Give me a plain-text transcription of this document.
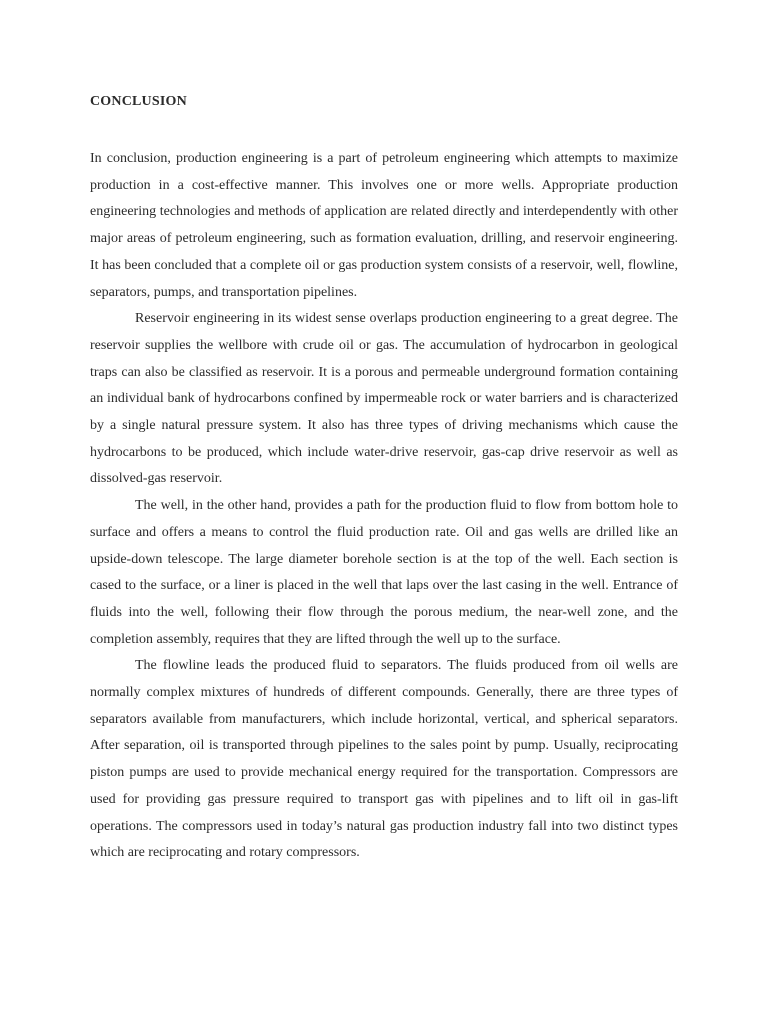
CONCLUSION

In conclusion, production engineering is a part of petroleum engineering which attempts to maximize production in a cost-effective manner. This involves one or more wells. Appropriate production engineering technologies and methods of application are related directly and interdependently with other major areas of petroleum engineering, such as formation evaluation, drilling, and reservoir engineering. It has been concluded that a complete oil or gas production system consists of a reservoir, well, flowline, separators, pumps, and transportation pipelines.

Reservoir engineering in its widest sense overlaps production engineering to a great degree. The reservoir supplies the wellbore with crude oil or gas. The accumulation of hydrocarbon in geological traps can also be classified as reservoir. It is a porous and permeable underground formation containing an individual bank of hydrocarbons confined by impermeable rock or water barriers and is characterized by a single natural pressure system. It also has three types of driving mechanisms which cause the hydrocarbons to be produced, which include water-drive reservoir, gas-cap drive reservoir as well as dissolved-gas reservoir.

The well, in the other hand, provides a path for the production fluid to flow from bottom hole to surface and offers a means to control the fluid production rate. Oil and gas wells are drilled like an upside-down telescope. The large diameter borehole section is at the top of the well. Each section is cased to the surface, or a liner is placed in the well that laps over the last casing in the well. Entrance of fluids into the well, following their flow through the porous medium, the near-well zone, and the completion assembly, requires that they are lifted through the well up to the surface.

The flowline leads the produced fluid to separators. The fluids produced from oil wells are normally complex mixtures of hundreds of different compounds. Generally, there are three types of separators available from manufacturers, which include horizontal, vertical, and spherical separators. After separation, oil is transported through pipelines to the sales point by pump. Usually, reciprocating piston pumps are used to provide mechanical energy required for the transportation. Compressors are used for providing gas pressure required to transport gas with pipelines and to lift oil in gas-lift operations. The compressors used in today’s natural gas production industry fall into two distinct types which are reciprocating and rotary compressors.
